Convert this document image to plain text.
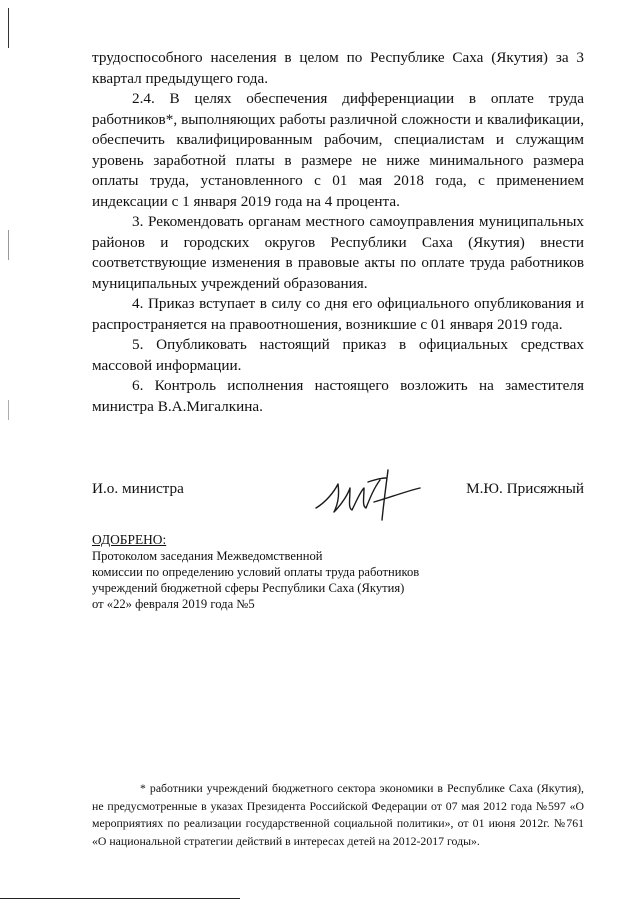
трудоспособного населения в целом по Республике Саха (Якутия) за 3 квартал предыдущего года.

2.4. В целях обеспечения дифференциации в оплате труда работников*, выполняющих работы различной сложности и квалификации, обеспечить квалифицированным рабочим, специалистам и служащим уровень заработной платы в размере не ниже минимального размера оплаты труда, установленного с 01 мая 2018 года, с применением индексации с 1 января 2019 года на 4 процента.

3. Рекомендовать органам местного самоуправления муниципальных районов и городских округов Республики Саха (Якутия) внести соответствующие изменения в правовые акты по оплате труда работников муниципальных учреждений образования.

4. Приказ вступает в силу со дня его официального опубликования и распространяется на правоотношения, возникшие с 01 января 2019 года.

5. Опубликовать настоящий приказ в официальных средствах массовой информации.

6. Контроль исполнения настоящего возложить на заместителя министра В.А.Мигалкина.

И.о. министра	М.Ю. Присяжный
ОДОБРЕНО:
Протоколом заседания Межведомственной
комиссии по определению условий оплаты труда работников
учреждений бюджетной сферы Республики Саха (Якутия)
от «22» февраля 2019 года №5
* работники учреждений бюджетного сектора экономики в Республике Саха (Якутия), не предусмотренные в указах Президента Российской Федерации от 07 мая 2012 года №597 «О мероприятиях по реализации государственной социальной политики», от 01 июня 2012г. №761 «О национальной стратегии действий в интересах детей на 2012-2017 годы».
